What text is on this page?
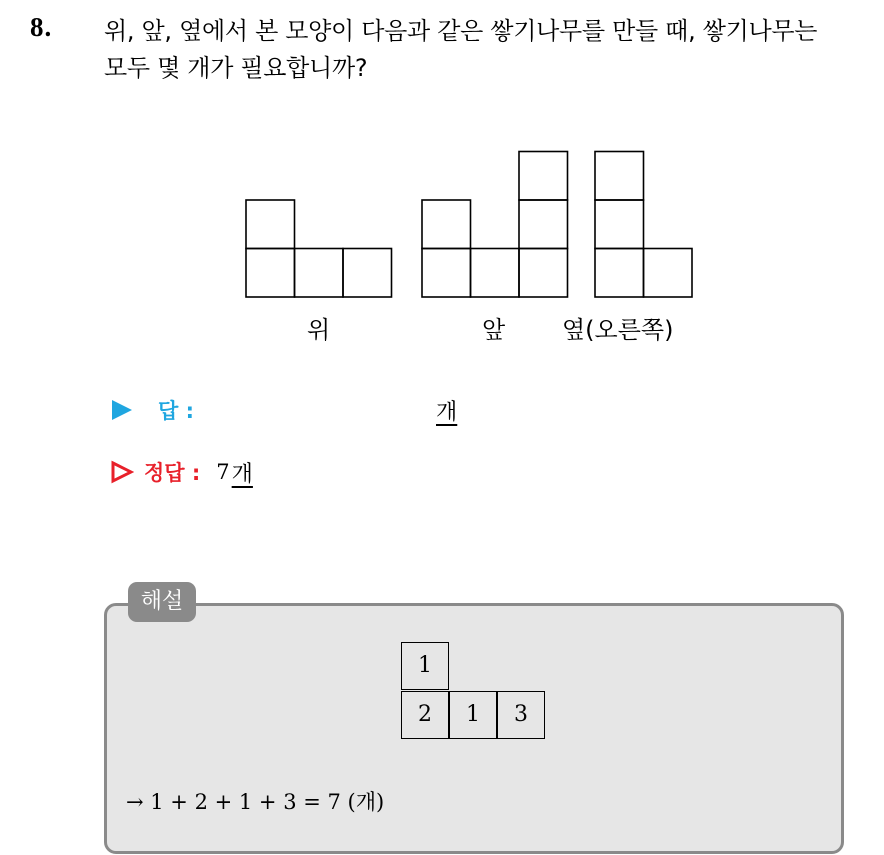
8. 위, 앞, 옆에서 본 모양이 다음과 같은 쌓기나무를 만들 때, 쌓기나무는
모두 몇 개가 필요합니까?
위	앞 옆(오른쪽)
답 :	개
정답 : 7 개
해설
1
2	1	3
→ 1 + 2 + 1 + 3 = 7 (개)
